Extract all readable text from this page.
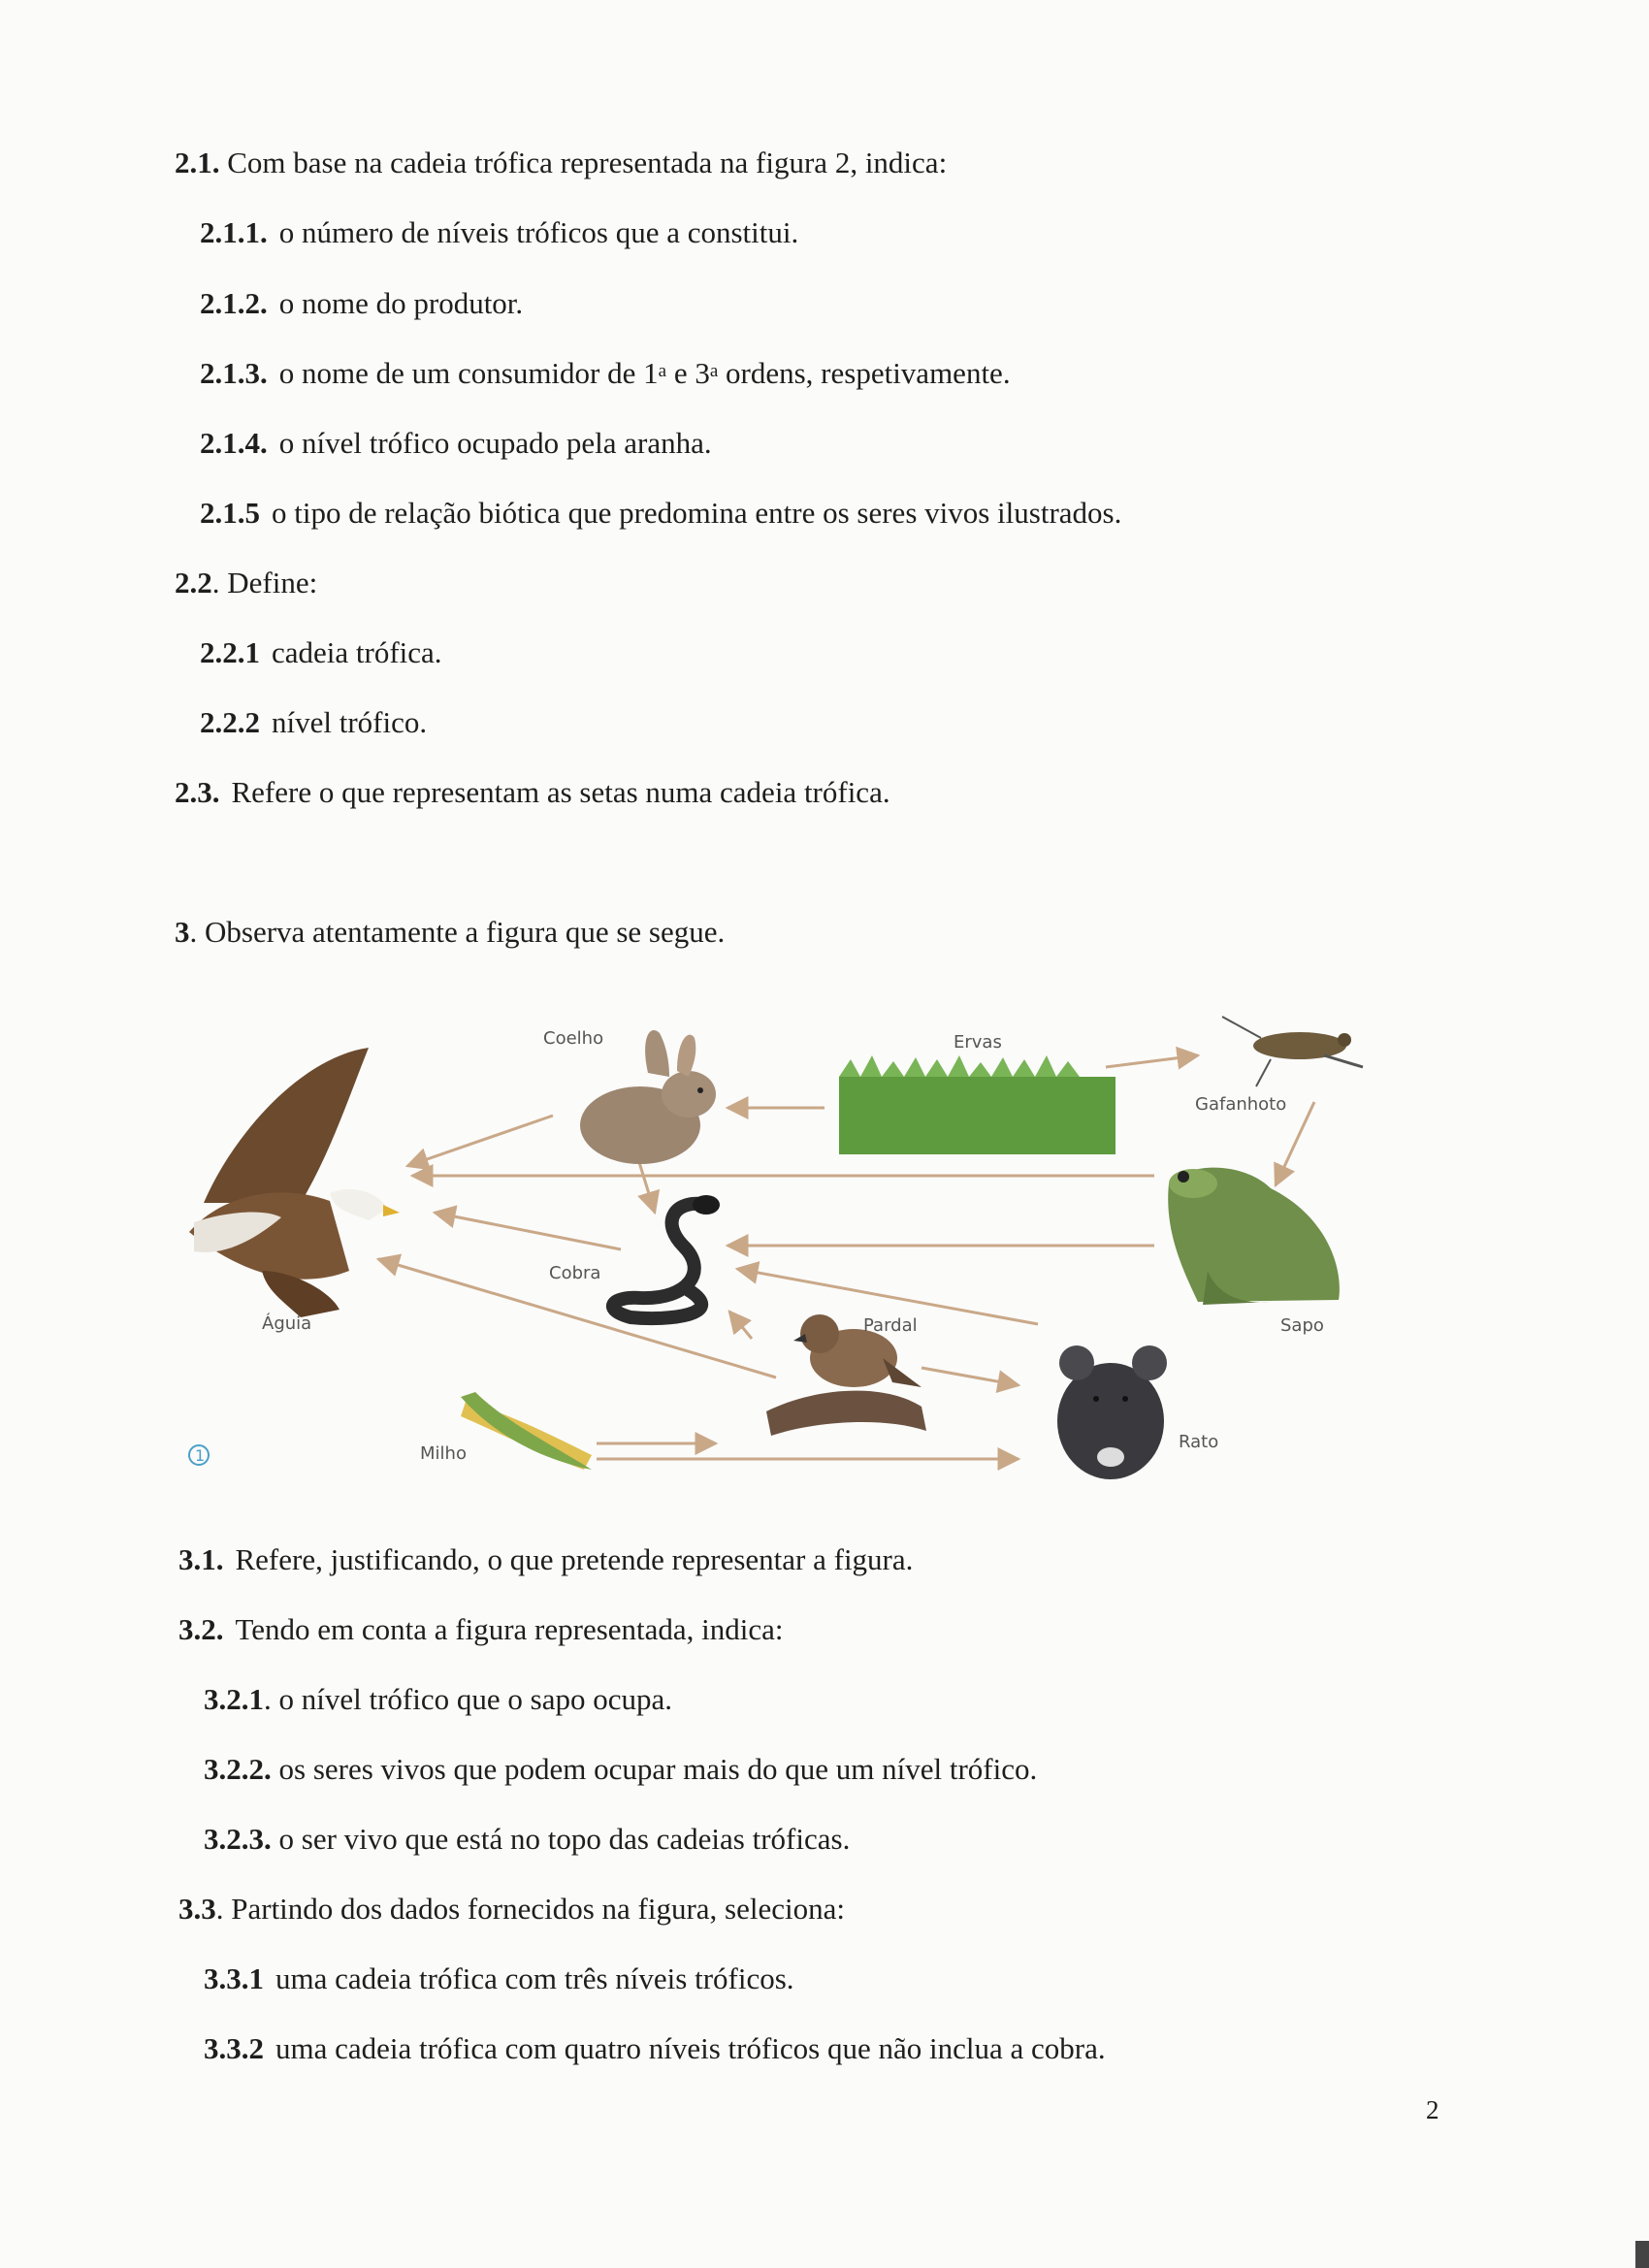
2.1. Com base na cadeia trófica representada na figura 2, indica:
2.1.1. o número de níveis tróficos que a constitui.
2.1.2. o nome do produtor.
2.1.3. o nome de um consumidor de 1$^a$ e 3$^a$ ordens, respetivamente.
2.1.4. o nível trófico ocupado pela aranha.
2.1.5 o tipo de relação biótica que predomina entre os seres vivos ilustrados.
2.2. Define:
2.2.1 cadeia trófica.
2.2.2 nível trófico.
2.3. Refere o que representam as setas numa cadeia trófica.
3. Observa atentamente a figura que se segue.
Coelho	Ervas
Gafanhoto
Águia
Cobra
Pardal	Sapo
Milho
Rato
1
3.1. Refere, justificando, o que pretende representar a figura.
3.2. Tendo em conta a figura representada, indica:
3.2.1. o nível trófico que o sapo ocupa.
3.2.2. os seres vivos que podem ocupar mais do que um nível trófico.
3.2.3. o ser vivo que está no topo das cadeias tróficas.
3.3. Partindo dos dados fornecidos na figura, seleciona:
3.3.1 uma cadeia trófica com três níveis tróficos.
3.3.2 uma cadeia trófica com quatro níveis tróficos que não inclua a cobra.
2
